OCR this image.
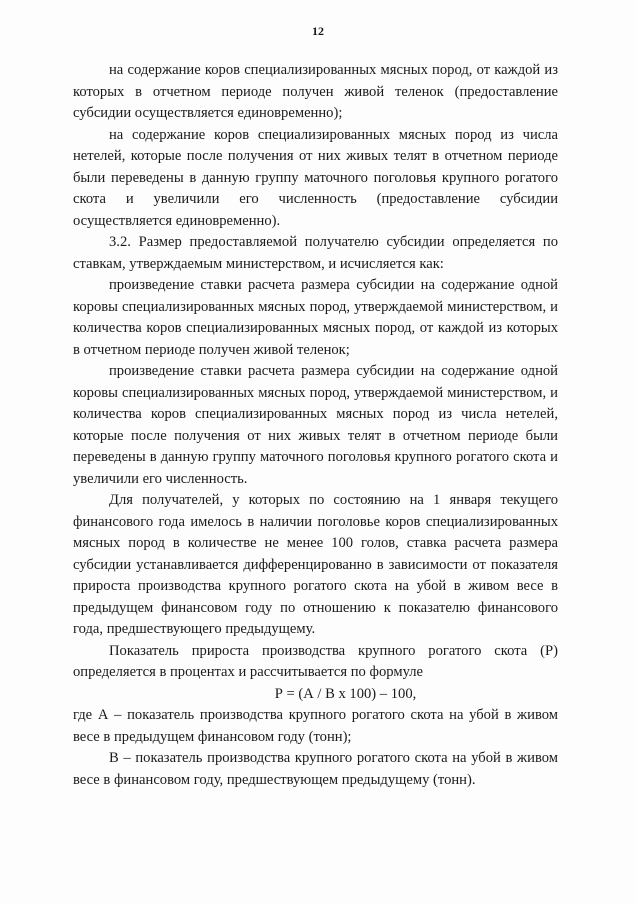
12

на содержание коров специализированных мясных пород, от каждой из которых в отчетном периоде получен живой теленок (предоставление субсидии осуществляется единовременно);

на содержание коров специализированных мясных пород из числа нетелей, которые после получения от них живых телят в отчетном периоде были переведены в данную группу маточного поголовья крупного рогатого скота и увеличили его численность (предоставление субсидии осуществляется единовременно).

3.2. Размер предоставляемой получателю субсидии определяется по ставкам, утверждаемым министерством, и исчисляется как:

произведение ставки расчета размера субсидии на содержание одной коровы специализированных мясных пород, утверждаемой министерством, и количества коров специализированных мясных пород, от каждой из которых в отчетном периоде получен живой теленок;

произведение ставки расчета размера субсидии на содержание одной коровы специализированных мясных пород, утверждаемой министерством, и количества коров специализированных мясных пород из числа нетелей, которые после получения от них живых телят в отчетном периоде были переведены в данную группу маточного поголовья крупного рогатого скота и увеличили его численность.

Для получателей, у которых по состоянию на 1 января текущего финансового года имелось в наличии поголовье коров специализированных мясных пород в количестве не менее 100 голов, ставка расчета размера субсидии устанавливается дифференцированно в зависимости от показателя прироста производства крупного рогатого скота на убой в живом весе в предыдущем финансовом году по отношению к показателю финансового года, предшествующего предыдущему.

Показатель прироста производства крупного рогатого скота (Р) определяется в процентах и рассчитывается по формуле

Р = (А / В х 100) – 100,

где А – показатель производства крупного рогатого скота на убой в живом весе в предыдущем финансовом году (тонн);

В – показатель производства крупного рогатого скота на убой в живом весе в финансовом году, предшествующем предыдущему (тонн).
